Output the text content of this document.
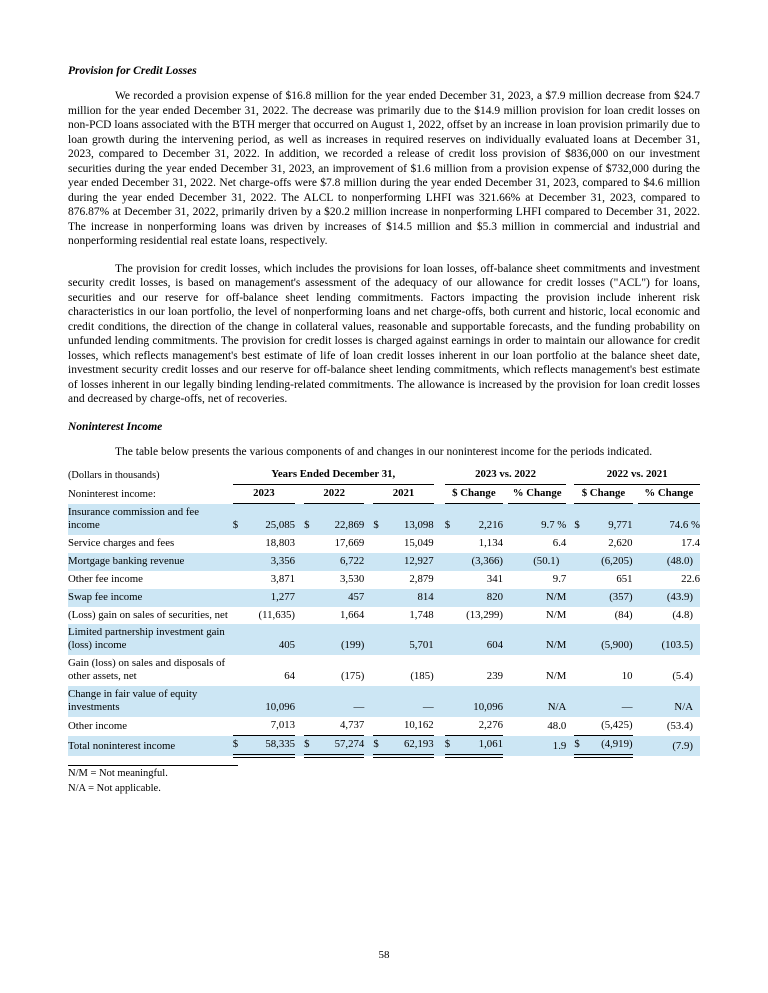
Provision for Credit Losses

We recorded a provision expense of $16.8 million for the year ended December 31, 2023, a $7.9 million decrease from $24.7 million for the year ended December 31, 2022. The decrease was primarily due to the $14.9 million provision for loan credit losses on non-PCD loans associated with the BTH merger that occurred on August 1, 2022, offset by an increase in loan provision primarily due to loan growth during the intervening period, as well as increases in required reserves on individually evaluated loans at December 31, 2023, compared to December 31, 2022. In addition, we recorded a release of credit loss provision of $836,000 on our investment securities during the year ended December 31, 2023, an improvement of $1.6 million from a provision expense of $732,000 during the year ended December 31, 2022. Net charge-offs were $7.8 million during the year ended December 31, 2023, compared to $4.6 million during the year ended December 31, 2022. The ALCL to nonperforming LHFI was 321.66% at December 31, 2023, compared to 876.87% at December 31, 2022, primarily driven by a $20.2 million increase in nonperforming LHFI compared to December 31, 2022. The increase in nonperforming loans was driven by increases of $14.5 million and $5.3 million in commercial and industrial and nonperforming residential real estate loans, respectively.

The provision for credit losses, which includes the provisions for loan losses, off-balance sheet commitments and investment security credit losses, is based on management's assessment of the adequacy of our allowance for credit losses ("ACL") for loans, securities and our reserve for off-balance sheet lending commitments. Factors impacting the provision include inherent risk characteristics in our loan portfolio, the level of nonperforming loans and net charge-offs, both current and historic, local economic and credit conditions, the direction of the change in collateral values, reasonable and supportable forecasts, and the funding probability on unfunded lending commitments. The provision for credit losses is charged against earnings in order to maintain our allowance for credit losses, which reflects management's best estimate of life of loan credit losses inherent in our loan portfolio at the balance sheet date, investment security credit losses and our reserve for off-balance sheet lending commitments, which reflects management's best estimate of losses inherent in our legally binding lending-related commitments. The allowance is increased by the provision for loan credit losses and decreased by charge-offs, net of recoveries.

Noninterest Income

The table below presents the various components of and changes in our noninterest income for the periods indicated.

(Dollars in thousands)	Years Ended December 31,									2023 vs. 2022					2022 vs. 2021			
Noninterest income:	2023			2022			2021			$ Change			% Change		$ Change			% Change
Insurance commission and fee income	$	25,085		$	22,869		$	13,098		$	2,216		9.7 %		$	9,771		74.6 %
Service charges and fees		18,803			17,669			15,049			1,134		6.4			2,620		17.4
Mortgage banking revenue		3,356			6,722			12,927			(3,366)		(50.1)			(6,205)		(48.0)
Other fee income		3,871			3,530			2,879			341		9.7			651		22.6
Swap fee income		1,277			457			814			820		N/M			(357)		(43.9)
(Loss) gain on sales of securities, net		(11,635)			1,664			1,748			(13,299)		N/M			(84)		(4.8)
Limited partnership investment gain (loss) income		405			(199)			5,701			604		N/M			(5,900)		(103.5)
Gain (loss) on sales and disposals of other assets, net		64			(175)			(185)			239		N/M			10		(5.4)
Change in fair value of equity investments		10,096			—			—			10,096		N/A			—		N/A
Other income		7,013			4,737			10,162			2,276		48.0			(5,425)		(53.4)
Total noninterest income	$	58,335		$	57,274		$	62,193		$	1,061		1.9		$	(4,919)		(7.9)
N/M = Not meaningful.
N/A = Not applicable.
58
